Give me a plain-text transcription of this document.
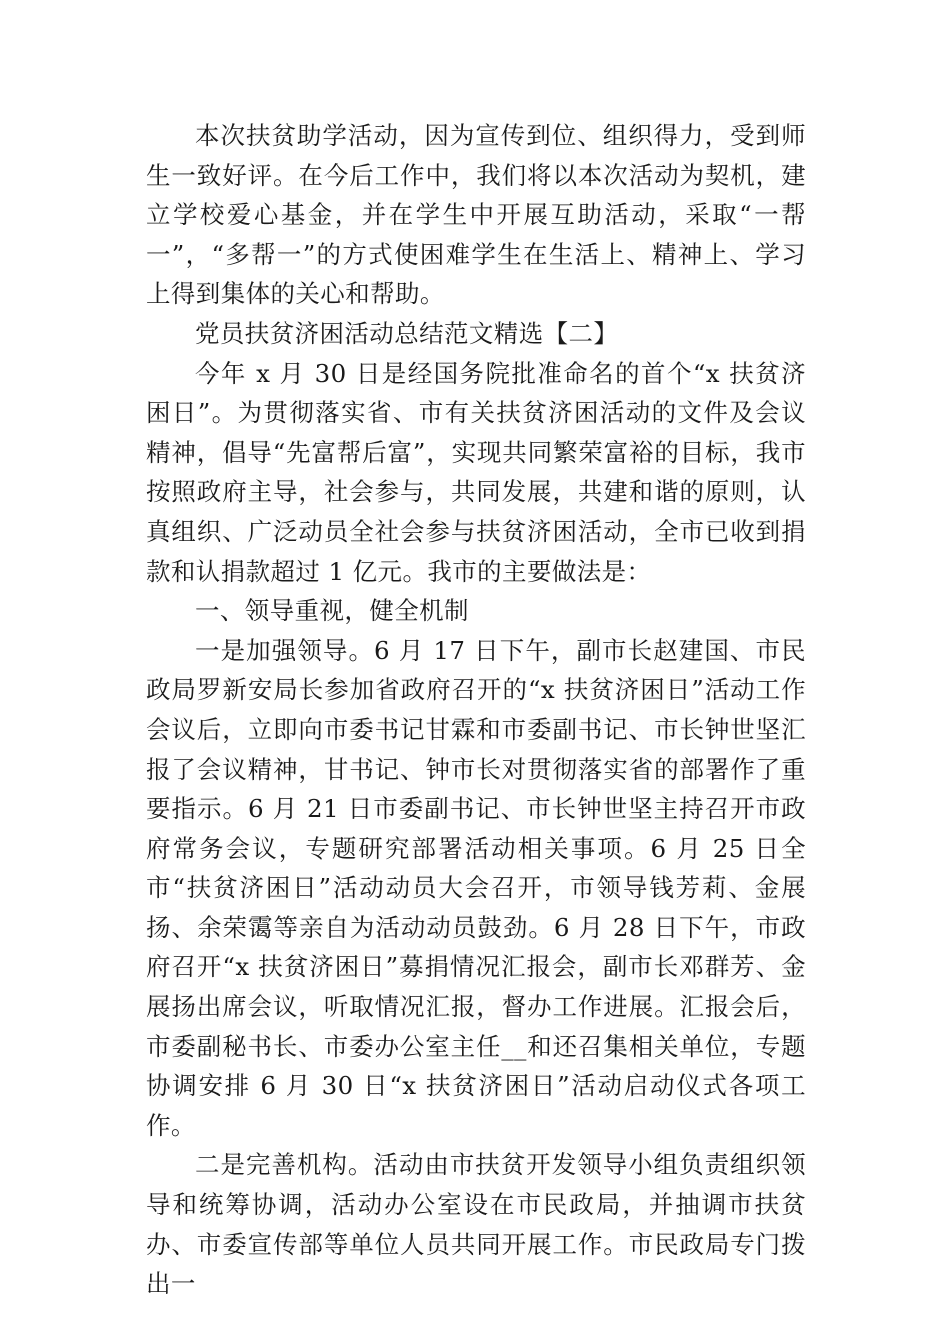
本次扶贫助学活动，因为宣传到位、组织得力，受到师生一致好评。在今后工作中，我们将以本次活动为契机，建立学校爱心基金，并在学生中开展互助活动，采取“一帮一”，“多帮一”的方式使困难学生在生活上、精神上、学习上得到集体的关心和帮助。

党员扶贫济困活动总结范文精选【二】

今年 x 月 30 日是经国务院批准命名的首个“x 扶贫济困日”。为贯彻落实省、市有关扶贫济困活动的文件及会议精神，倡导“先富帮后富”，实现共同繁荣富裕的目标，我市按照政府主导，社会参与，共同发展，共建和谐的原则，认真组织、广泛动员全社会参与扶贫济困活动，全市已收到捐款和认捐款超过 1 亿元。我市的主要做法是：

一、领导重视，健全机制

一是加强领导。6 月 17 日下午，副市长赵建国、市民政局罗新安局长参加省政府召开的“x 扶贫济困日”活动工作会议后，立即向市委书记甘霖和市委副书记、市长钟世坚汇报了会议精神，甘书记、钟市长对贯彻落实省的部署作了重要指示。6 月 21 日市委副书记、市长钟世坚主持召开市政府常务会议，专题研究部署活动相关事项。6 月 25 日全市“扶贫济困日”活动动员大会召开，市领导钱芳莉、金展扬、余荣霭等亲自为活动动员鼓劲。6 月 28 日下午，市政府召开“x 扶贫济困日”募捐情况汇报会，副市长邓群芳、金展扬出席会议，听取情况汇报，督办工作进展。汇报会后，市委副秘书长、市委办公室主任__和还召集相关单位，专题协调安排 6 月 30 日“x 扶贫济困日”活动启动仪式各项工作。

二是完善机构。活动由市扶贫开发领导小组负责组织领导和统筹协调，活动办公室设在市民政局，并抽调市扶贫办、市委宣传部等单位人员共同开展工作。市民政局专门拨出一
